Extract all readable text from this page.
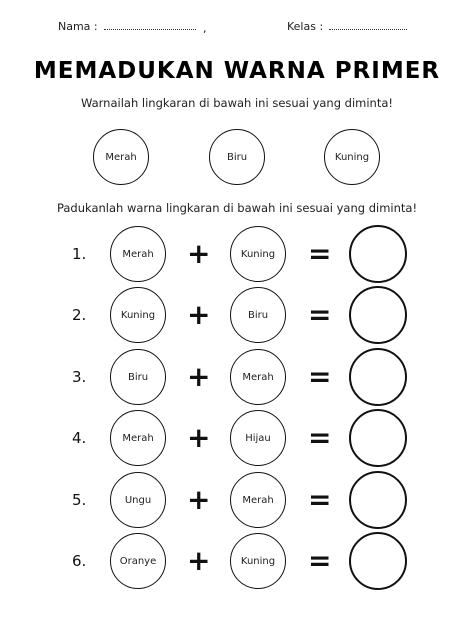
Nama :	,	Kelas :
MEMADUKAN WARNA PRIMER
Warnailah lingkaran di bawah ini sesuai yang diminta!
Merah	Biru	Kuning
Padukanlah warna lingkaran di bawah ini sesuai yang diminta!
1.	Merah +	Kuning =
2.	Kuning +	Biru =
3.	Biru +	Merah =
4.	Merah +	Hijau =
5.	Ungu +	Merah =
6.	Oranye +	Kuning =
